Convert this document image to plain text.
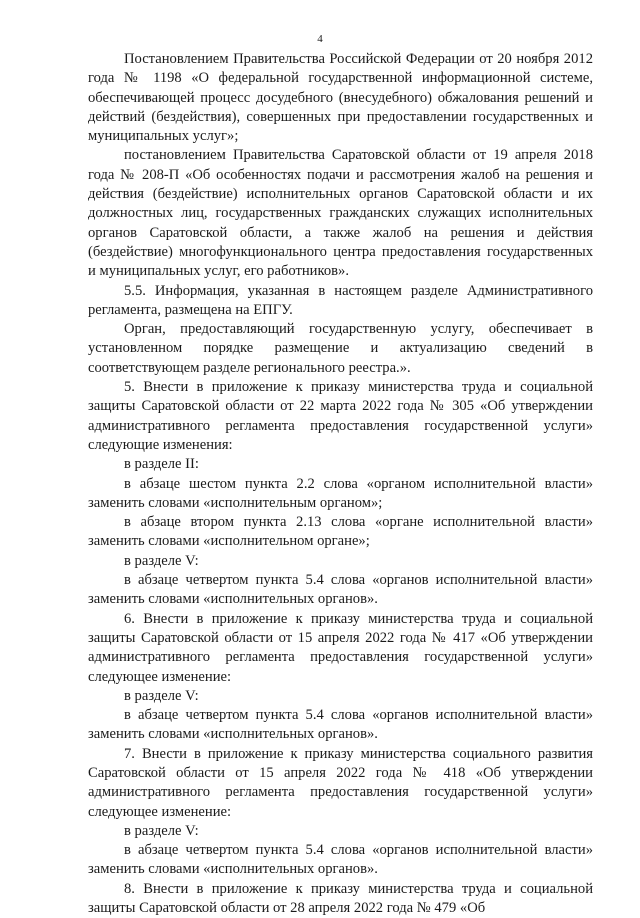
4

Постановлением Правительства Российской Федерации от 20 ноября 2012 года № 1198 «О федеральной государственной информационной системе, обеспечивающей процесс досудебного (внесудебного) обжалования решений и действий (бездействия), совершенных при предоставлении государственных и муниципальных услуг»;

постановлением Правительства Саратовской области от 19 апреля 2018 года № 208-П «Об особенностях подачи и рассмотрения жалоб на решения и действия (бездействие) исполнительных органов Саратовской области и их должностных лиц, государственных гражданских служащих исполнительных органов Саратовской области, а также жалоб на решения и действия (бездействие) многофункционального центра предоставления государственных и муниципальных услуг, его работников».

5.5. Информация, указанная в настоящем разделе Административного регламента, размещена на ЕПГУ.

Орган, предоставляющий государственную услугу, обеспечивает в установленном порядке размещение и актуализацию сведений в соответствующем разделе регионального реестра.».

5. Внести в приложение к приказу министерства труда и социальной защиты Саратовской области от 22 марта 2022 года № 305 «Об утверждении административного регламента предоставления государственной услуги» следующие изменения:

в разделе II:

в абзаце шестом пункта 2.2 слова «органом исполнительной власти» заменить словами «исполнительным органом»;

в абзаце втором пункта 2.13 слова «органе исполнительной власти» заменить словами «исполнительном органе»;

в разделе V:

в абзаце четвертом пункта 5.4 слова «органов исполнительной власти» заменить словами «исполнительных органов».

6. Внести в приложение к приказу министерства труда и социальной защиты Саратовской области от 15 апреля 2022 года № 417 «Об утверждении административного регламента предоставления государственной услуги» следующее изменение:

в разделе V:

в абзаце четвертом пункта 5.4 слова «органов исполнительной власти» заменить словами «исполнительных органов».

7. Внести в приложение к приказу министерства социального развития Саратовской области от 15 апреля 2022 года № 418 «Об утверждении административного регламента предоставления государственной услуги» следующее изменение:

в разделе V:

в абзаце четвертом пункта 5.4 слова «органов исполнительной власти» заменить словами «исполнительных органов».

8. Внести в приложение к приказу министерства труда и социальной защиты Саратовской области от 28 апреля 2022 года № 479 «Об
